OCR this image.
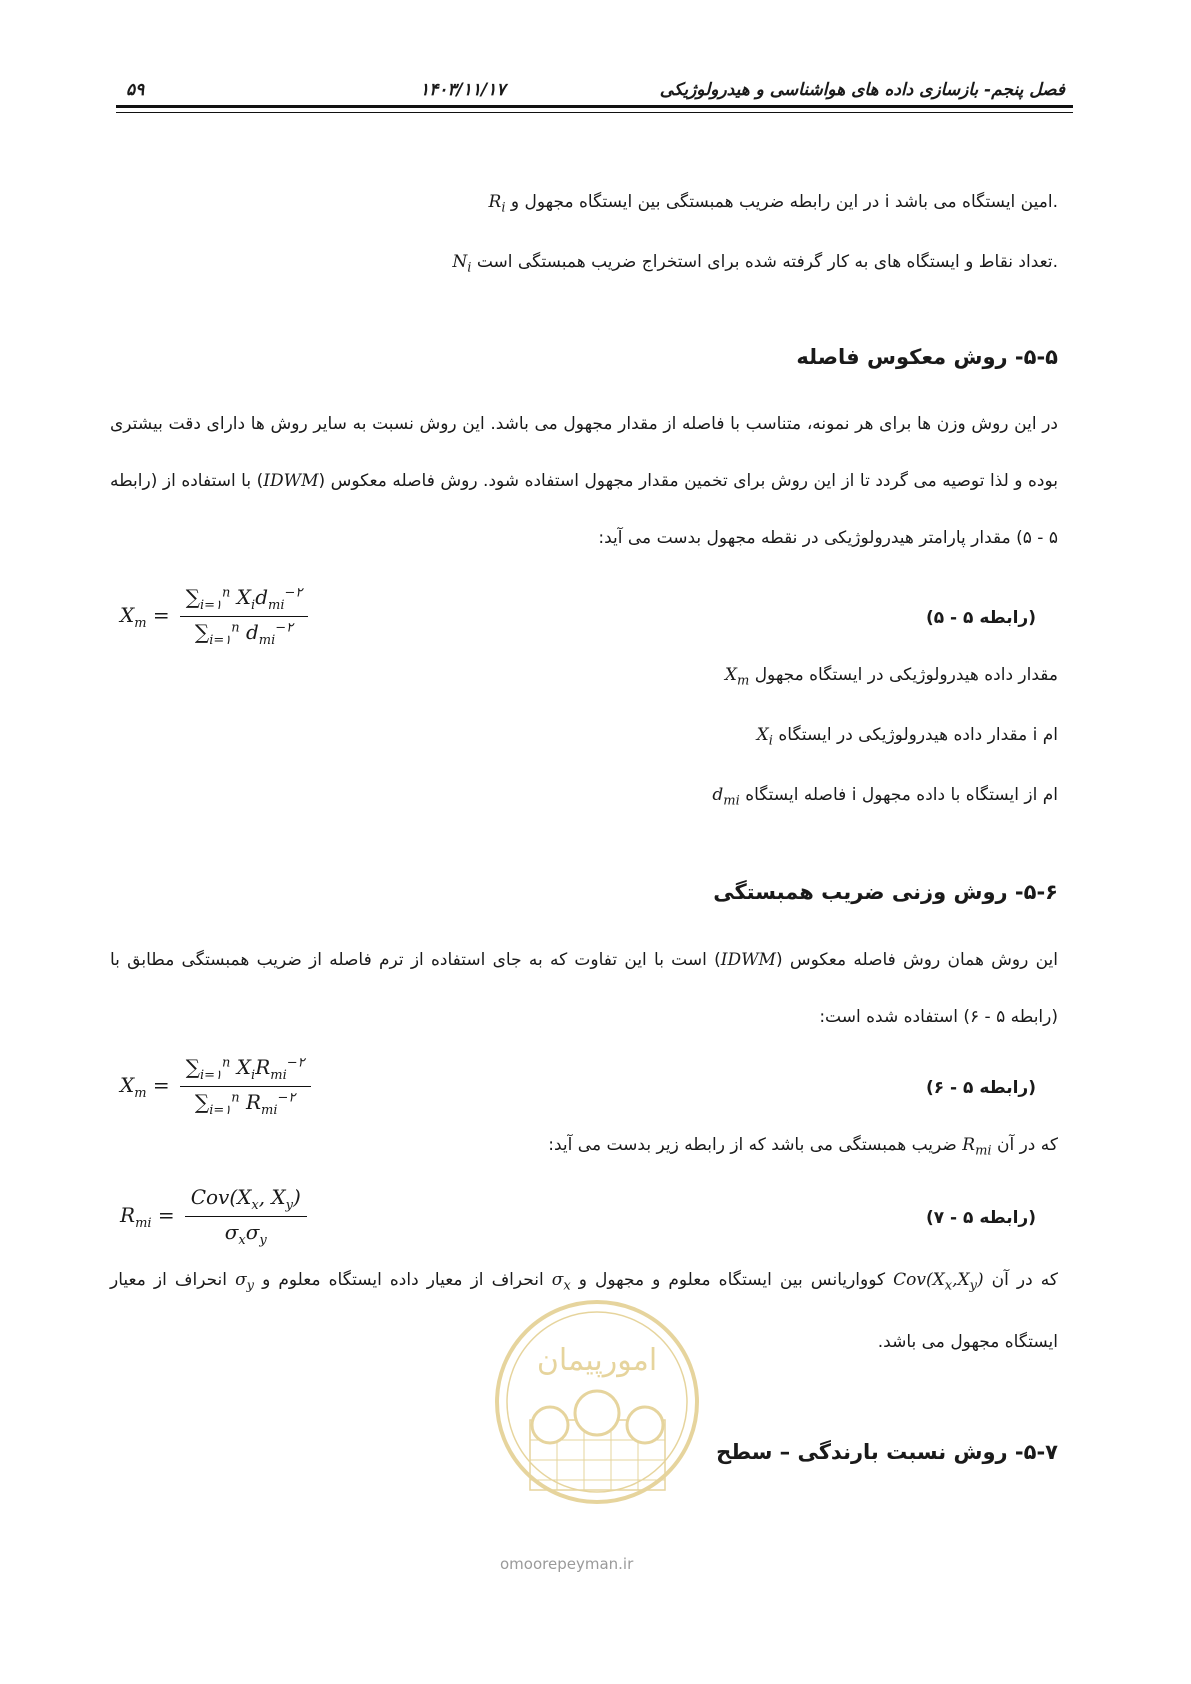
۵۹	۱۴۰۳/۱۱/۱۷	فصل پنجم- بازسازی داده های هواشناسی و هیدرولوژیکی
$R_i$ در این رابطه ضریب همبستگی بین ایستگاه مجهول و i امین ایستگاه می باشد.
$N_i$ تعداد نقاط و ایستگاه های به کار گرفته شده برای استخراج ضریب همبستگی است.
۵-۵- روش معکوس فاصله
در این روش وزن ها برای هر نمونه، متناسب با فاصله از مقدار مجهول می باشد. این روش نسبت به سایر روش ها دارای دقت بیشتری بوده و لذا توصیه می گردد تا از این روش برای تخمین مقدار مجهول استفاده شود. روش فاصله معکوس (IDWM) با استفاده از (رابطه ۵ - ۵) مقدار پارامتر هیدرولوژیکی در نقطه مجهول بدست می آید:
$X_m = \frac{\sum_{i=۱}^n X_id_{mi}^{-۲}}{\sum_{i=۱}^n d_{mi}^{-۲}}$	(رابطه ۵ - ۵)
$X_m$ مقدار داده هیدرولوژیکی در ایستگاه مجهول
$X_i$ مقدار داده هیدرولوژیکی در ایستگاه i ام
$d_{mi}$ فاصله ایستگاه i ام از ایستگاه با داده مجهول
۵-۶- روش وزنی ضریب همبستگی
این روش همان روش فاصله معکوس (IDWM) است با این تفاوت که به جای استفاده از ترم فاصله از ضریب همبستگی مطابق با (رابطه ۵ - ۶) استفاده شده است:
$X_m = \frac{\sum_{i=۱}^n X_iR_{mi}^{-۲}}{\sum_{i=۱}^n R_{mi}^{-۲}}$	(رابطه ۵ - ۶)
که در آن $R_{mi}$ ضریب همبستگی می باشد که از رابطه زیر بدست می آید:
$R_{mi} = \frac{Cov(X_x, X_y)}{\sigma_x\sigma_y}$	(رابطه ۵ - ۷)
که در آن $Cov(X_x,X_y)$ کوواریانس بین ایستگاه معلوم و مجهول و $\sigma_x$ انحراف از معیار داده ایستگاه معلوم و $\sigma_y$ انحراف از معیار ایستگاه مجهول می باشد.
۵-۷- روش نسبت بارندگی – سطح
امورپیمان
omoorepeyman.ir
